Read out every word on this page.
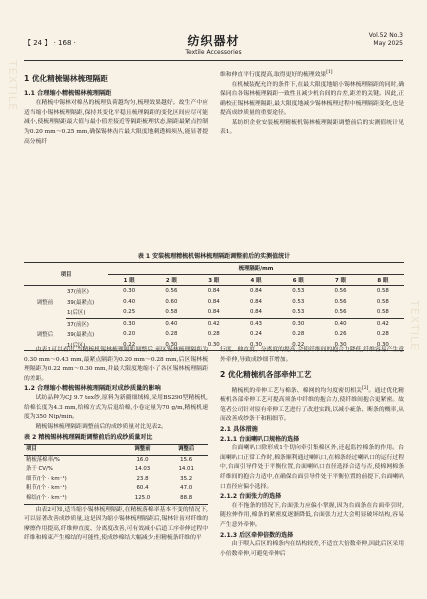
TEXTILE
TEXTILE
【 24 】 · 168 ·	纺织器材
Textile Accessories
Vol.52 No.3
May 2025
1 优化精梳锡林梳理隔距
1.1 合理缩小精梳锡林梳理隔距

在精梳中锡林对棉丛的梳理负荷越均匀,梳理效果越好。故生产中应适当缩小锡林梳理隔距,保持其变化平稳且梳理隔距的变化区间应尽可能减小,使梳理隔距最大值与最小值差接近等隔距梳理状态,隔距最紧点控制为0.20 mm～0.25 mm,确保锡林齿片最大限度地刺透棉须丛,能显著提高分梳纤

维和伸直平行度提高,取得更好的梳理效果[1]

在机械装配允许的条件下,在最大限度地缩小锡林梳理隔距的同时,确保同台各锡林梳理隔距一致性且减少机台间的台差,距差的关键。因此,正确校正锡林梳理隔距,最大限度地减少锡林梳理过程中梳理隔距变化,也是提高成纱质量的重要途径。

某纺织企业安装梳理精梳机锡林梳理隔距调整前后的实测值统计见表1。

表 1 安装梳理精梳机锡林梳理隔距调整前后的实测值统计
项目		梳理隔距/mm						
		1 眼	2 眼	3 眼	4 眼	6 眼	7 眼	8 眼
调整前	37(前区)	0.30	0.56	0.84	0.84	0.53	0.56	0.58
	39(最紧点)	0.40	0.60	0.84	0.84	0.53	0.56	0.58
	1(后区)	0.25	0.58	0.84	0.84	0.53	0.56	0.58
调整后	37(前区)	0.30	0.40	0.42	0.43	0.30	0.40	0.42
	39(最紧点)	0.20	0.28	0.28	0.24	0.28	0.26	0.28
	1(后区)	0.22	0.30	0.30	0.30	0.22	0.30	0.30

由表1可以看出,当精梳机锡林梳理隔距调整后,前区锡林梳理隔距为0.30 mm～0.43 mm,最紧点隔距为0.20 mm～0.28 mm,后区锡林梳理隔距为0.22 mm～0.30 mm,并最大限度地缩小了各区锡林梳理隔距的差距。

1.2 合理缩小精梳锡林梳理隔距对成纱质量的影响

试纺品种为CJ 9.7 tex纱,原料为新疆细绒棉,采用BS290型精梳机,给棉长度为4.3 mm,给棉方式为后退给棉,小卷定量为70 g/m,精梳机速度为350 Nip/min。

精梳锡林梳理隔距调整前后的成纱质量对比见表2。

表 2 精梳锡林梳理隔距调整前后的成纱质量对比
项目	调整前	调整后
精梳落棉率/%	16.0	15.6
条干 CV/%	14.03	14.01
细节/(个 · km⁻¹)	23.8	35.2
粗节/(个 · km⁻¹)	60.4	47.0
棉结/(个 · km⁻¹)	125.0	88.8

由表2可知,适当缩小锡林梳理隔距,在精梳落棉率基本不变的情况下,可以显著改善成纱质量,这是因为缩小锡林梳理隔距后,锡林针齿对纤维的摩擦作用提高,纤维伸直度、分离度改善,可有效减小后道工序牵伸过程中纤维和棉束产生棉结的可能性,使成纱棉结大幅减少;但精梳条纤维的平

行度、伸直度、分离度的提高,会使纤维间的抱合力降低,纤维容易产生意外牵伸,导致成纱细节增加。

2 优化精梳机各部牵伸工艺

精梳机的牵伸工艺与棉条、棉网的均匀度密切相关[2]。通过优化精梳机各部牵伸工艺可提高须条中纤维的抱合力,使纤维间抱合更紧密。故笔者公司针对原有牵伸工艺进行了改进实践,以减小疵条、断条的概率,从而改善成纱条干和粗细节。

2.1 具体措施
2.1.1 台面喇叭口规格的选择

台面喇叭口除形成1个切向牵引集棉区外,还起监控棉条的作用。台面喇叭口正常工作时,棉条顺利通过喇叭口,在棉条经过喇叭口的运行过程中,台面引导件处于平衡位置,台面喇叭口直径选择合适与否,使棉网棉条纤维间的抱合力适中,在确保台面引导件处于平衡位置的前提下,台面喇叭口直径应偏小选择。

2.1.2 台面张力的选择

在不拖条的情况下,台面张力应偏小掌握,因为台面条在台面牵引时,随拉伸作用,棉条的紧密度逐渐降低,台面张力过大会明显破坏结构,容易产生意外牵伸。

2.1.3 后区牵伸倍数的选择

由于喂入后区的棉条内在结构较差,不适宜大倍数牵伸,因此后区采用小倍数牵伸,可避免牵伸后
